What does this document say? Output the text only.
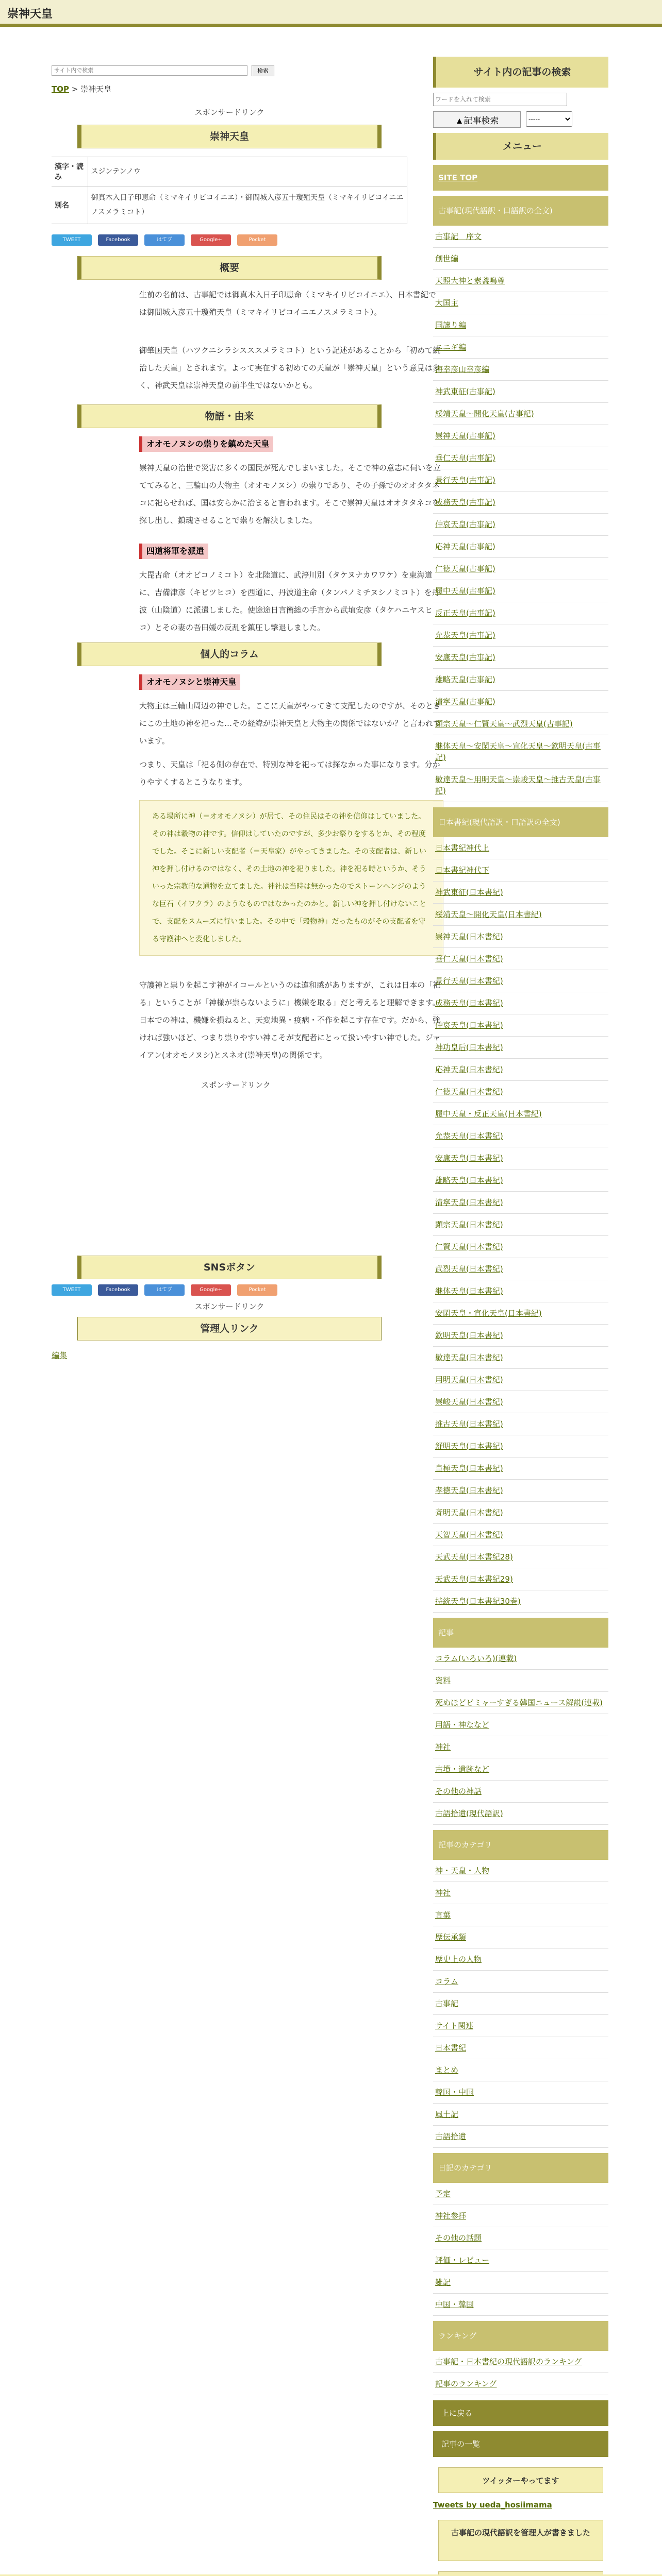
崇神天皇
サイト内で検索
検索
TOP > 崇神天皇
スポンサードリンク
崇神天皇
漢字・読み	スジンテンノウ
別名	御真木入日子印恵命（ミマキイリビコイニエ）・御間城入彦五十瓊殖天皇（ミマキイリビコイニエノスメラミコト）
TWEET	Facebook	はてブ	Google+	Pocket
概要

生前の名前は、古事記では御真木入日子印恵命（ミマキイリビコイニエ）、日本書紀では御間城入彦五十瓊殖天皇（ミマキイリビコイニエノスメラミコト）。

御肇国天皇（ハツクニシラシスススメラミコト）という記述があることから「初めて統治した天皇」とされます。よって実在する初めての天皇が「崇神天皇」という意見は多く、神武天皇は崇神天皇の前半生ではないかとも。

物語・由来
オオモノヌシの祟りを鎮めた天皇

崇神天皇の治世で災害に多くの国民が死んでしまいました。そこで神の意志に伺いを立ててみると、三輪山の大物主（オオモノヌシ）の祟りであり、その子孫でのオオタタネコに祀らせれば、国は安らかに治まると言われます。そこで崇神天皇はオオタタネコを探し出し、鎮魂させることで祟りを解決しました。

四道将軍を派遣

大毘古命（オオビコノミコト）を北陸道に、武渟川別（タケヌナカワワケ）を東海道に、吉備津彦（キビツヒコ）を西道に、丹波道主命（タンバノミチヌシノミコト）を丹波（山陰道）に派遣しました。使途途日言簡総の手言から武埴安彦（タケハニヤスヒコ）とその妻の吾田媛の反乱を鎮圧し撃退しました。

個人的コラム
オオモノヌシと崇神天皇

大物主は三輪山周辺の神でした。ここに天皇がやってきて支配したのですが、そのときにこの土地の神を祀った…その経緯が崇神天皇と大物主の関係ではないか？と言われています。

つまり、天皇は「祀る側の存在で、特別な神を祀っては探なかった事になります。分かりやすくするとこうなります。

ある場所に神（＝オオモノヌシ）が居て、その住民はその神を信仰はしていました。その神は穀物の神です。信仰はしていたのですが、多少お祭りをするとか、その程度でした。そこに新しい支配者（＝天皇家）がやってきました。その支配者は、新しい神を押し付けるのではなく、その土地の神を祀りました。神を祀る時というか、そういった宗教的な通物を立てました。神社は当時は無かったのでストーンヘンジのような巨石（イワクラ）のようなものではなかったのかと。新しい神を押し付けないことで、支配をスムーズに行いました。その中で「穀物神」だったものがその支配者を守る守護神へと変化しました。

守護神と祟りを起こす神がイコールというのは違和感がありますが、これは日本の「祀る」ということが「神様が祟らないように」機嫌を取る」だと考えると理解できます。日本での神は、機嫌を損ねると、天変地異・疫病・不作を起こす存在です。だから、強ければ強いほど、つまり祟りやすい神こそが支配者にとって扱いやすい神でした。ジャイアン(オオモノヌシ)とスネオ(崇神天皇)の関係です。

スポンサードリンク
SNSボタン
TWEET	Facebook	はてブ	Google+	Pocket
スポンサードリンク
管理人リンク
編集
サイト内の記事の検索
ワードを入れて検索
▲記事検索
-----
メニュー
SITE TOP
古事記(現代語訳・口語訳の全文)
古事記　序文
創世編
天照大神と素盞嗚尊
大国主
国譲り編
ニニギ編
海幸彦山幸彦編
神武東征(古事記)
綏靖天皇～開化天皇(古事記)
崇神天皇(古事記)
垂仁天皇(古事記)
景行天皇(古事記)
成務天皇(古事記)
仲哀天皇(古事記)
応神天皇(古事記)
仁徳天皇(古事記)
履中天皇(古事記)
反正天皇(古事記)
允恭天皇(古事記)
安康天皇(古事記)
雄略天皇(古事記)
清寧天皇(古事記)
顕宗天皇～仁賢天皇～武烈天皇(古事記)
継体天皇～安閑天皇～宣化天皇～欽明天皇(古事記)
敏達天皇～用明天皇～崇峻天皇～推古天皇(古事記)
日本書紀(現代語訳・口語訳の全文)
日本書紀神代上
日本書紀神代下
神武東征(日本書紀)
綏靖天皇～開化天皇(日本書紀)
崇神天皇(日本書紀)
垂仁天皇(日本書紀)
景行天皇(日本書紀)
成務天皇(日本書紀)
仲哀天皇(日本書紀)
神功皇后(日本書紀)
応神天皇(日本書紀)
仁徳天皇(日本書紀)
履中天皇・反正天皇(日本書紀)
允恭天皇(日本書紀)
安康天皇(日本書紀)
雄略天皇(日本書紀)
清寧天皇(日本書紀)
顕宗天皇(日本書紀)
仁賢天皇(日本書紀)
武烈天皇(日本書紀)
継体天皇(日本書紀)
安閑天皇・宣化天皇(日本書紀)
欽明天皇(日本書紀)
敏達天皇(日本書紀)
用明天皇(日本書紀)
崇峻天皇(日本書紀)
推古天皇(日本書紀)
舒明天皇(日本書紀)
皇極天皇(日本書紀)
孝徳天皇(日本書紀)
斉明天皇(日本書紀)
天智天皇(日本書紀)
天武天皇(日本書紀28)
天武天皇(日本書紀29)
持統天皇(日本書紀30巻)
記事
コラム(いろいろ)(連載)
資料
死ぬほどビミャーすぎる韓国ニュース解説(連載)
用語・神ななど
神社
古墳・遺跡など
その他の神話
古語拾遺(現代語訳)
記事のカテゴリ
神・天皇・人物
神社
言葉
歴伝承類
歴史上の人物
コラム
古事記
サイト関連
日本書紀
まとめ
韓国・中国
風土記
古語拾遺
日記のカテゴリ
予定
神社参拝
その他の話題
評価・レビュー
雑記
中国・韓国
ランキング
古事記・日本書紀の現代語訳のランキング
記事のランキング
上に戻る
記事の一覧
ツイッターやってます
Tweets by ueda_hosiimama
古事記の現代語訳を管理人が書きました
